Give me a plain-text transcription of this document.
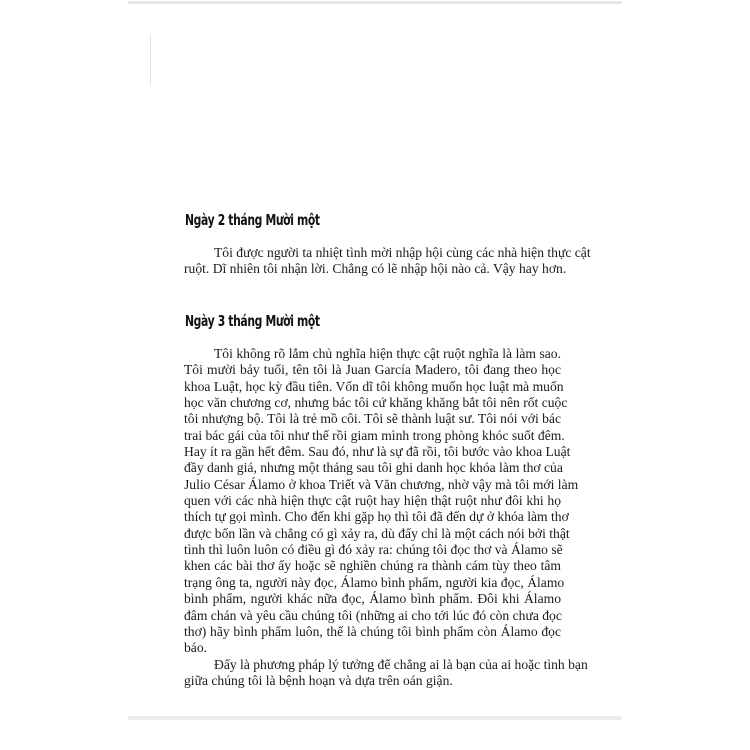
Ngày 2 tháng Mười một
Tôi được người ta nhiệt tình mời nhập hội cùng các nhà hiện thực cật
ruột. Dĩ nhiên tôi nhận lời. Chẳng có lẽ nhập hội nào cả. Vậy hay hơn.
Ngày 3 tháng Mười một
Tôi không rõ lắm chủ nghĩa hiện thực cật ruột nghĩa là làm sao.
Tôi mười bảy tuổi, tên tôi là Juan García Madero, tôi đang theo học
khoa Luật, học kỳ đầu tiên. Vốn dĩ tôi không muốn học luật mà muốn
học văn chương cơ, nhưng bác tôi cứ khăng khăng bắt tôi nên rốt cuộc
tôi nhượng bộ. Tôi là trẻ mồ côi. Tôi sẽ thành luật sư. Tôi nói với bác
trai bác gái của tôi như thế rồi giam mình trong phòng khóc suốt đêm.
Hay ít ra gần hết đêm. Sau đó, như là sự đã rồi, tôi bước vào khoa Luật
đầy danh giá, nhưng một tháng sau tôi ghi danh học khóa làm thơ của
Julio César Álamo ở khoa Triết và Văn chương, nhờ vậy mà tôi mới làm
quen với các nhà hiện thực cật ruột hay hiện thật ruột như đôi khi họ
thích tự gọi mình. Cho đến khi gặp họ thì tôi đã đến dự ở khóa làm thơ
được bốn lần và chẳng có gì xảy ra, dù đấy chỉ là một cách nói bởi thật
tình thì luôn luôn có điều gì đó xảy ra: chúng tôi đọc thơ và Álamo sẽ
khen các bài thơ ấy hoặc sẽ nghiền chúng ra thành cám tùy theo tâm
trạng ông ta, người này đọc, Álamo bình phẩm, người kia đọc, Álamo
bình phẩm, người khác nữa đọc, Álamo bình phẩm. Đôi khi Álamo
đâm chán và yêu cầu chúng tôi (những ai cho tới lúc đó còn chưa đọc
thơ) hãy bình phẩm luôn, thế là chúng tôi bình phẩm còn Álamo đọc
báo.
Đấy là phương pháp lý tưởng để chẳng ai là bạn của ai hoặc tình bạn
giữa chúng tôi là bệnh hoạn và dựa trên oán giận.
